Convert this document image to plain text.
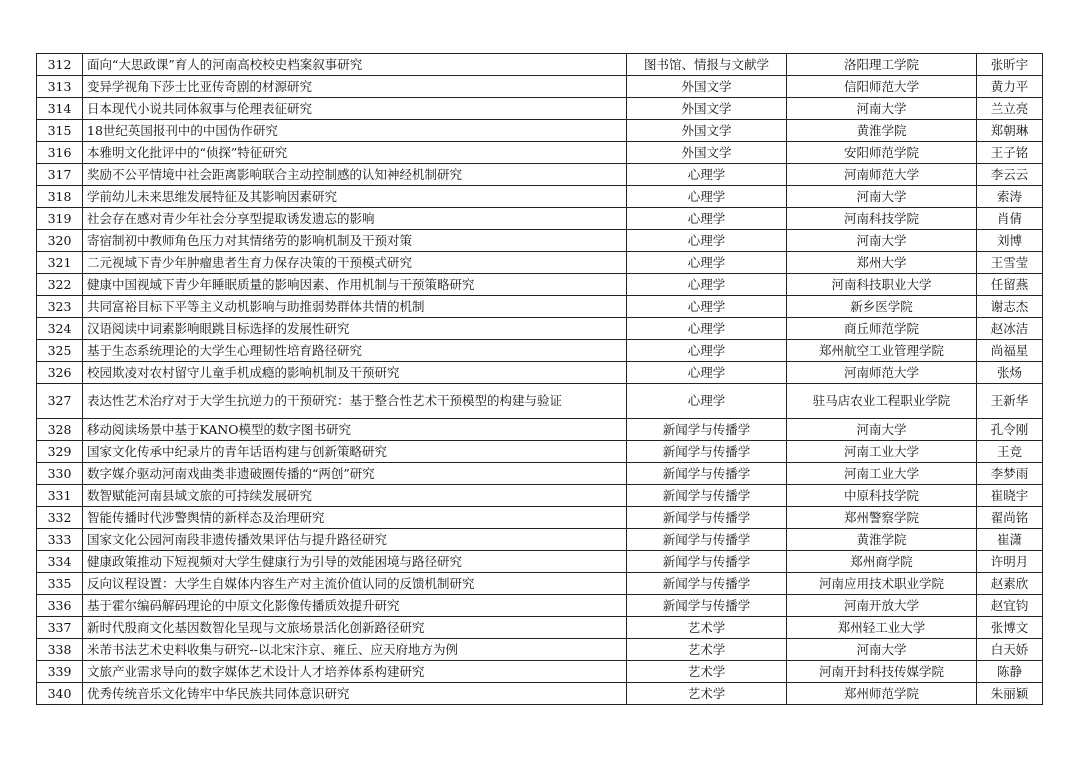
312	面向“大思政课”育人的河南高校校史档案叙事研究	图书馆、情报与文献学	洛阳理工学院	张昕宇
313	变异学视角下莎士比亚传奇剧的材源研究	外国文学	信阳师范大学	黄力平
314	日本现代小说共同体叙事与伦理表征研究	外国文学	河南大学	兰立亮
315	18世纪英国报刊中的中国伪作研究	外国文学	黄淮学院	郑朝琳
316	本雅明文化批评中的“侦探”特征研究	外国文学	安阳师范学院	王子铭
317	奖励不公平情境中社会距离影响联合主动控制感的认知神经机制研究	心理学	河南师范大学	李云云
318	学前幼儿未来思维发展特征及其影响因素研究	心理学	河南大学	索涛
319	社会存在感对青少年社会分享型提取诱发遗忘的影响	心理学	河南科技学院	肖倩
320	寄宿制初中教师角色压力对其情绪劳的影响机制及干预对策	心理学	河南大学	刘博
321	二元视域下青少年肿瘤患者生育力保存决策的干预模式研究	心理学	郑州大学	王雪莹
322	健康中国视域下青少年睡眠质量的影响因素、作用机制与干预策略研究	心理学	河南科技职业大学	任留燕
323	共同富裕目标下平等主义动机影响与助推弱势群体共情的机制	心理学	新乡医学院	谢志杰
324	汉语阅读中词素影响眼跳目标选择的发展性研究	心理学	商丘师范学院	赵冰洁
325	基于生态系统理论的大学生心理韧性培育路径研究	心理学	郑州航空工业管理学院	尚福星
326	校园欺凌对农村留守儿童手机成瘾的影响机制及干预研究	心理学	河南师范大学	张炀
327	表达性艺术治疗对于大学生抗逆力的干预研究：基于整合性艺术干预模型的构建与验证	心理学	驻马店农业工程职业学院	王新华
328	移动阅读场景中基于KANO模型的数字图书研究	新闻学与传播学	河南大学	孔令刚
329	国家文化传承中纪录片的青年话语构建与创新策略研究	新闻学与传播学	河南工业大学	王竞
330	数字媒介驱动河南戏曲类非遗破圈传播的“两创”研究	新闻学与传播学	河南工业大学	李梦雨
331	数智赋能河南县域文旅的可持续发展研究	新闻学与传播学	中原科技学院	崔晓宇
332	智能传播时代涉警舆情的新样态及治理研究	新闻学与传播学	郑州警察学院	翟尚铭
333	国家文化公园河南段非遗传播效果评估与提升路径研究	新闻学与传播学	黄淮学院	崔潇
334	健康政策推动下短视频对大学生健康行为引导的效能困境与路径研究	新闻学与传播学	郑州商学院	许明月
335	反向议程设置：大学生自媒体内容生产对主流价值认同的反馈机制研究	新闻学与传播学	河南应用技术职业学院	赵素欣
336	基于霍尔编码解码理论的中原文化影像传播质效提升研究	新闻学与传播学	河南开放大学	赵宜钧
337	新时代殷商文化基因数智化呈现与文旅场景活化创新路径研究	艺术学	郑州轻工业大学	张博文
338	米芾书法艺术史料收集与研究--以北宋汴京、雍丘、应天府地方为例	艺术学	河南大学	白天娇
339	文旅产业需求导向的数字媒体艺术设计人才培养体系构建研究	艺术学	河南开封科技传媒学院	陈静
340	优秀传统音乐文化铸牢中华民族共同体意识研究	艺术学	郑州师范学院	朱丽颖
